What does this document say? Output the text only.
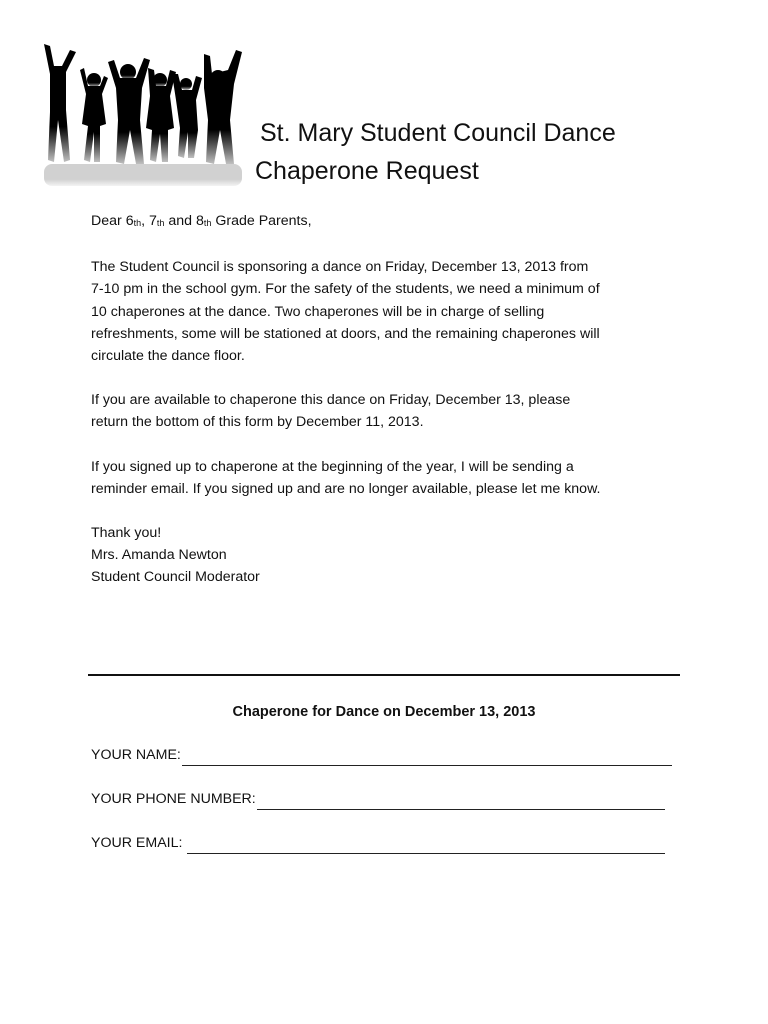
St. Mary Student Council Dance
Chaperone Request

Dear $6_{th}$, $7_{th}$ and $8_{th}$ Grade Parents,

The Student Council is sponsoring a dance on Friday, December 13, 2013 from
7-10 pm in the school gym. For the safety of the students, we need a minimum of
10 chaperones at the dance. Two chaperones will be in charge of selling
refreshments, some will be stationed at doors, and the remaining chaperones will
circulate the dance floor.

If you are available to chaperone this dance on Friday, December 13, please
return the bottom of this form by December 11, 2013.

If you signed up to chaperone at the beginning of the year, I will be sending a
reminder email. If you signed up and are no longer available, please let me know.

Thank you!
Mrs. Amanda Newton
Student Council Moderator
Chaperone for Dance on December 13, 2013
YOUR NAME:
YOUR PHONE NUMBER:
YOUR EMAIL:
